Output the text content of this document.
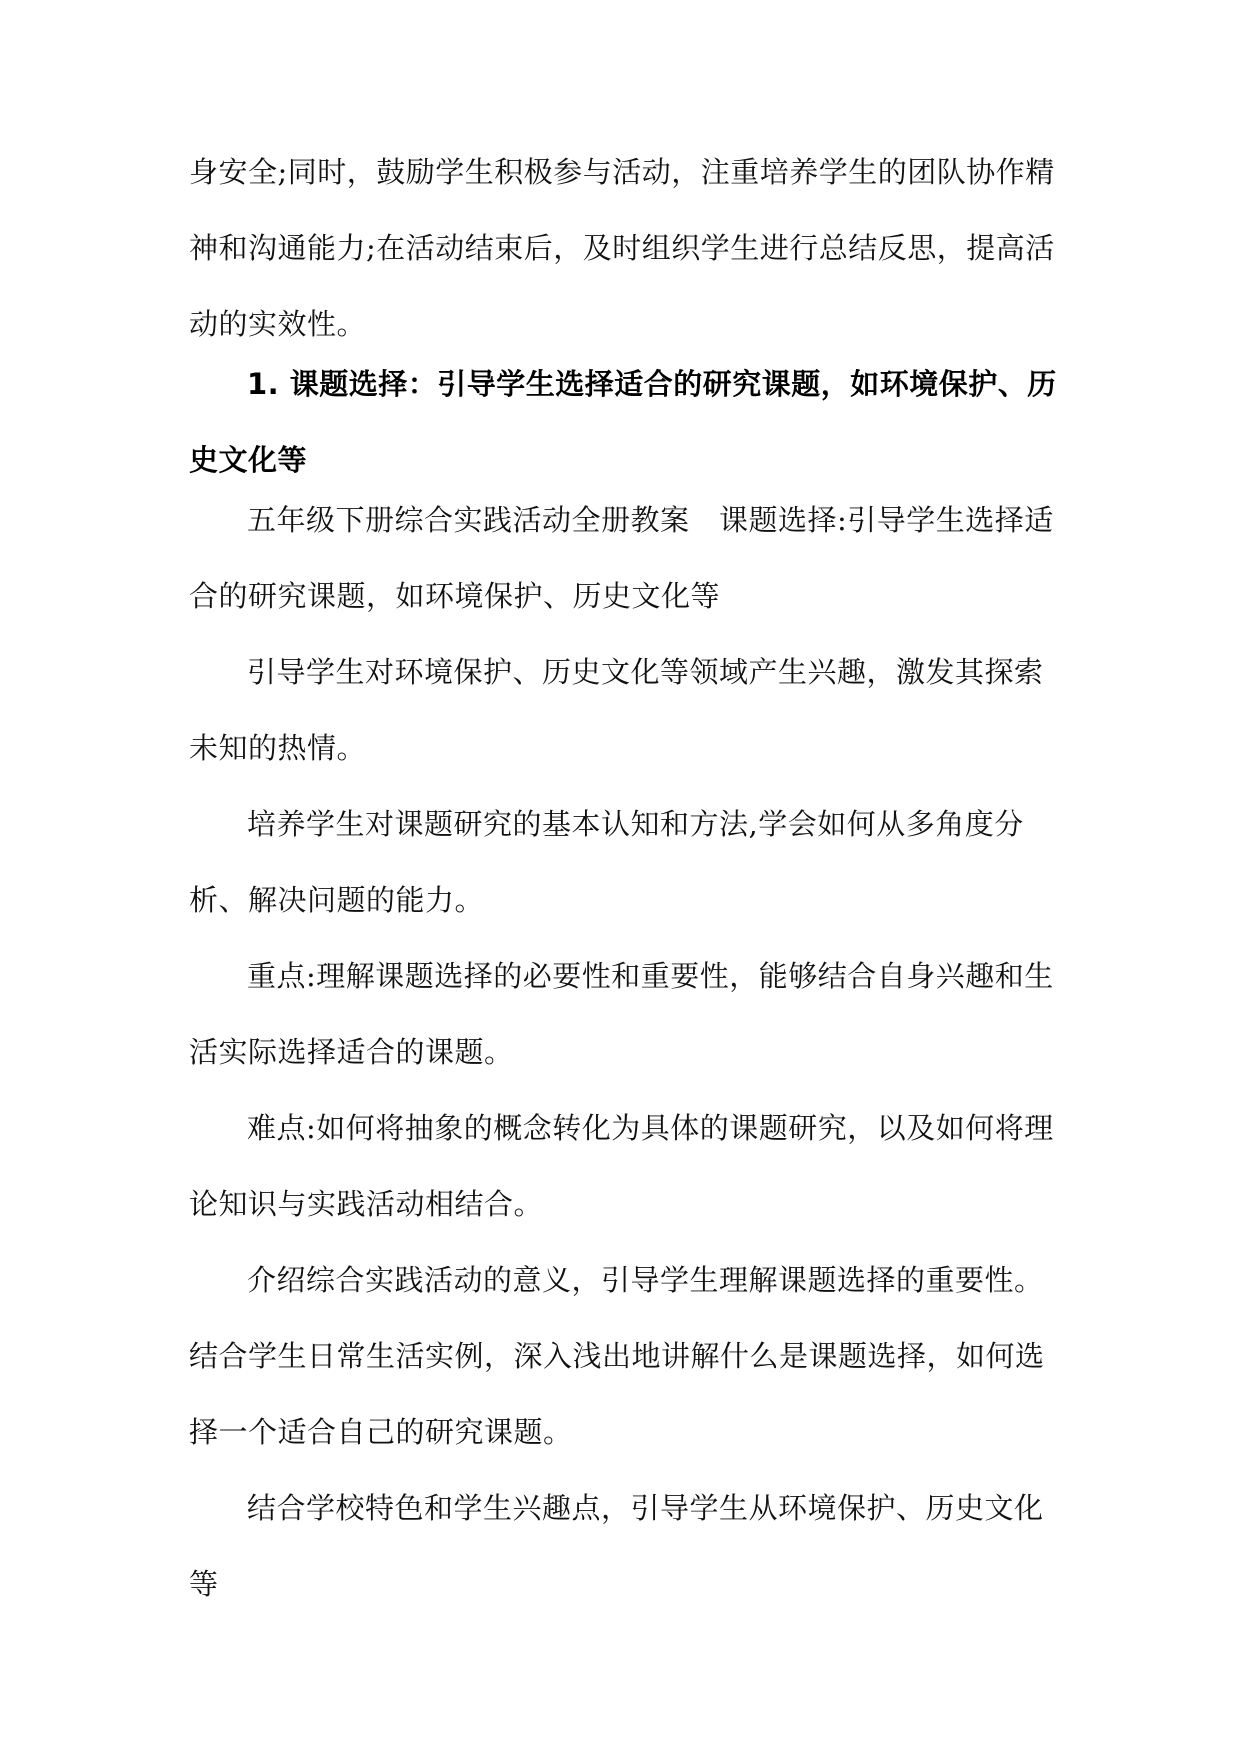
身安全;同时，鼓励学生积极参与活动，注重培养学生的团队协作精神和沟通能力;在活动结束后，及时组织学生进行总结反思，提高活动的实效性。
1. 课题选择：引导学生选择适合的研究课题，如环境保护、历史文化等
五年级下册综合实践活动全册教案　课题选择:引导学生选择适合的研究课题，如环境保护、历史文化等
引导学生对环境保护、历史文化等领域产生兴趣，激发其探索未知的热情。
培养学生对课题研究的基本认知和方法,学会如何从多角度分析、解决问题的能力。
重点:理解课题选择的必要性和重要性，能够结合自身兴趣和生活实际选择适合的课题。
难点:如何将抽象的概念转化为具体的课题研究，以及如何将理论知识与实践活动相结合。
介绍综合实践活动的意义，引导学生理解课题选择的重要性。结合学生日常生活实例，深入浅出地讲解什么是课题选择，如何选择一个适合自己的研究课题。
结合学校特色和学生兴趣点，引导学生从环境保护、历史文化等
